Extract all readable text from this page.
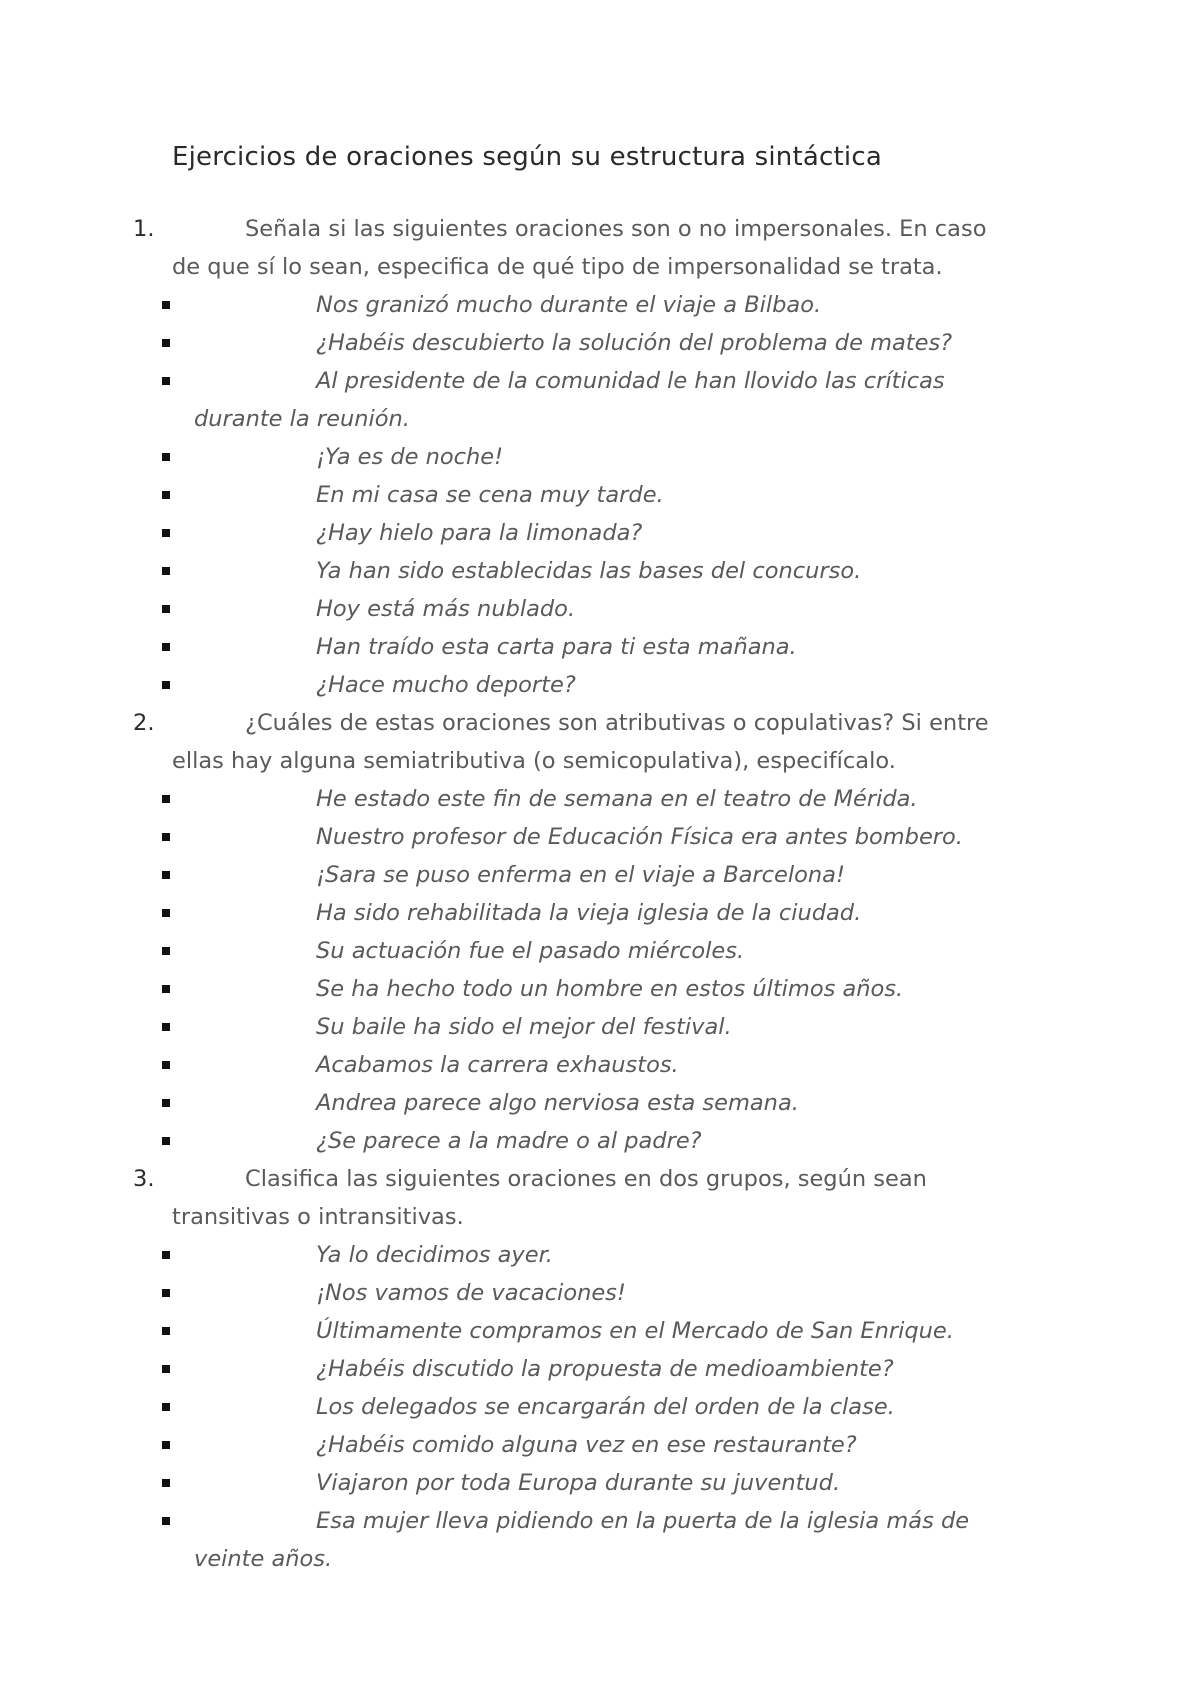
Ejercicios de oraciones según su estructura sintáctica
1.	Señala si las siguientes oraciones son o no impersonales. En caso
de que sí lo sean, especifica de qué tipo de impersonalidad se trata.
Nos granizó mucho durante el viaje a Bilbao.
¿Habéis descubierto la solución del problema de mates?
Al presidente de la comunidad le han llovido las críticas
durante la reunión.
¡Ya es de noche!
En mi casa se cena muy tarde.
¿Hay hielo para la limonada?
Ya han sido establecidas las bases del concurso.
Hoy está más nublado.
Han traído esta carta para ti esta mañana.
¿Hace mucho deporte?
2.	¿Cuáles de estas oraciones son atributivas o copulativas? Si entre
ellas hay alguna semiatributiva (o semicopulativa), especifícalo.
He estado este fin de semana en el teatro de Mérida.
Nuestro profesor de Educación Física era antes bombero.
¡Sara se puso enferma en el viaje a Barcelona!
Ha sido rehabilitada la vieja iglesia de la ciudad.
Su actuación fue el pasado miércoles.
Se ha hecho todo un hombre en estos últimos años.
Su baile ha sido el mejor del festival.
Acabamos la carrera exhaustos.
Andrea parece algo nerviosa esta semana.
¿Se parece a la madre o al padre?
3.	Clasifica las siguientes oraciones en dos grupos, según sean
transitivas o intransitivas.
Ya lo decidimos ayer.
¡Nos vamos de vacaciones!
Últimamente compramos en el Mercado de San Enrique.
¿Habéis discutido la propuesta de medioambiente?
Los delegados se encargarán del orden de la clase.
¿Habéis comido alguna vez en ese restaurante?
Viajaron por toda Europa durante su juventud.
Esa mujer lleva pidiendo en la puerta de la iglesia más de
veinte años.
